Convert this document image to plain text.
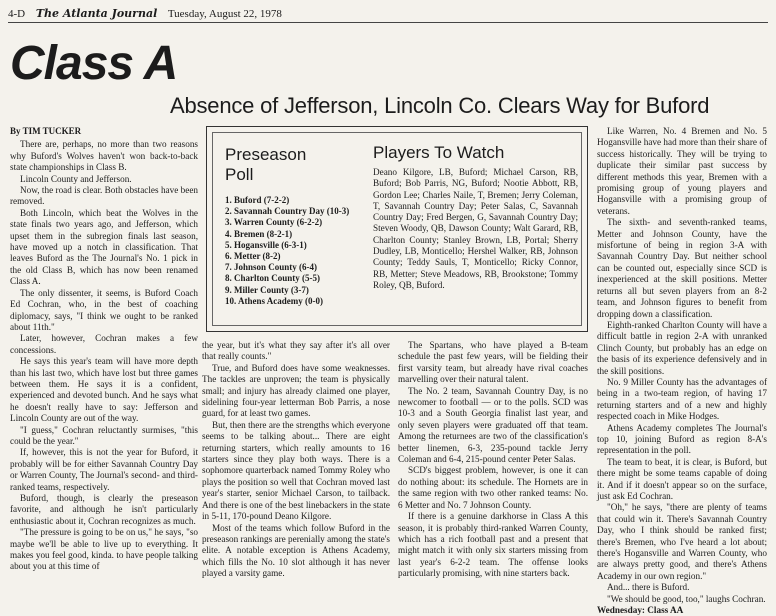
4-D The Atlanta Journal Tuesday, August 22, 1978
Class A
Absence of Jefferson, Lincoln Co. Clears Way for Buford

By TIM TUCKER

There are, perhaps, no more than two reasons why Buford's Wolves haven't won back-to-back state championships in Class B.

Lincoln County and Jefferson.

Now, the road is clear. Both obstacles have been removed.

Both Lincoln, which beat the Wolves in the state finals two years ago, and Jefferson, which upset them in the subregion finals last season, have moved up a notch in classification. That leaves Buford as the The Journal's No. 1 pick in the old Class B, which has now been renamed Class A.

The only dissenter, it seems, is Buford Coach Ed Cochran, who, in the best of coaching diplomacy, says, "I think we ought to be ranked about 11th."

Later, however, Cochran makes a few concessions.

He says this year's team will have more depth than his last two, which have lost but three games between them. He says it is a confident, experienced and devoted bunch. And he says what he doesn't really have to say: Jefferson and Lincoln County are out of the way.

"I guess," Cochran reluctantly surmises, "this could be the year."

If, however, this is not the year for Buford, it probably will be for either Savannah Country Day or Warren County, The Journal's second- and third-ranked teams, respectively.

Buford, though, is clearly the preseason favorite, and although he isn't particularly enthusiastic about it, Cochran recognizes as much.

"The pressure is going to be on us," he says, "so maybe we'll be able to live up to everything. It makes you feel good, kinda. to have people talking about you at this time of

Preseason
Poll
1. Buford (7-2-2)
2. Savannah Country Day (10-3)
3. Warren County (6-2-2)
4. Bremen (8-2-1)
5. Hogansville (6-3-1)
6. Metter (8-2)
7. Johnson County (6-4)
8. Charlton County (5-5)
9. Miller County (3-7)
10. Athens Academy (0-0)
Players To Watch
Deano Kilgore, LB, Buford; Michael Carson, RB, Buford; Bob Parris, NG, Buford; Nootie Abbott, RB, Gordon Lee; Charles Naile, T, Bremen; Jerry Coleman, T, Savannah Country Day; Peter Salas, C, Savannah Country Day; Fred Bergen, G, Savannah Country Day; Steven Woody, QB, Dawson County; Walt Garard, RB, Charlton County; Stanley Brown, LB, Portal; Sherry Dudley, LB, Monticello; Hershel Walker, RB, Johnson County; Teddy Sauls, T, Monticello; Ricky Connor, RB, Metter; Steve Meadows, RB, Brookstone; Tommy Roley, QB, Buford.

the year, but it's what they say after it's all over that really counts."

True, and Buford does have some weaknesses. The tackles are unproven; the team is physically small; and injury has already claimed one player, sidelining four-year letterman Bob Parris, a nose guard, for at least two games.

But, then there are the strengths which everyone seems to be talking about... There are eight returning starters, which really amounts to 16 starters since they play both ways. There is a sophomore quarterback named Tommy Roley who plays the position so well that Cochran moved last year's starter, senior Michael Carson, to tailback. And there is one of the best linebackers in the state in 5-11, 170-pound Deano Kilgore.

Most of the teams which follow Buford in the preseason rankings are perenially among the state's elite. A notable exception is Athens Academy, which fills the No. 10 slot although it has never played a varsity game.

The Spartans, who have played a B-team schedule the past few years, will be fielding their first varsity team, but already have rival coaches marvelling over their natural talent.

The No. 2 team, Savannah Country Day, is no newcomer to football — or to the polls. SCD was 10-3 and a South Georgia finalist last year, and only seven players were graduated off that team. Among the returnees are two of the classification's better linemen, 6-3, 235-pound tackle Jerry Coleman and 6-4, 215-pound center Peter Salas.

SCD's biggest problem, however, is one it can do nothing about: its schedule. The Hornets are in the same region with two other ranked teams: No. 6 Metter and No. 7 Johnson County.

If there is a genuine darkhorse in Class A this season, it is probably third-ranked Warren County, which has a rich football past and a present that might match it with only six starters missing from last year's 6-2-2 team. The offense looks particularly promising, with nine starters back.

Like Warren, No. 4 Bremen and No. 5 Hogansville have had more than their share of success historically. They will be trying to duplicate their similar past success by different methods this year, Bremen with a promising group of young players and Hogansville with a promising group of veterans.

The sixth- and seventh-ranked teams, Metter and Johnson County, have the misfortune of being in region 3-A with Savannah Country Day. But neither school can be counted out, especially since SCD is inexperienced at the skill positions. Metter returns all but seven players from an 8-2 team, and Johnson figures to benefit from dropping down a classification.

Eighth-ranked Charlton County will have a difficult battle in region 2-A with unranked Clinch County, but probably has an edge on the basis of its experience defensively and in the skill positions.

No. 9 Miller County has the advantages of being in a two-team region, of having 17 returning starters and of a new and highly respected coach in Mike Hodges.

Athens Academy completes The Journal's top 10, joining Buford as region 8-A's representation in the poll.

The team to beat, it is clear, is Buford, but there might be some teams capable of doing it. And if it doesn't appear so on the surface, just ask Ed Cochran.

"Oh," he says, "there are plenty of teams that could win it. There's Savannah Country Day, who I think should be ranked first; there's Bremen, who I've heard a lot about; there's Hogansville and Warren County, who are always pretty good, and there's Athens Academy in our own region."

And... there is Buford.

"We should be good, too," laughs Cochran.

Wednesday: Class AA
